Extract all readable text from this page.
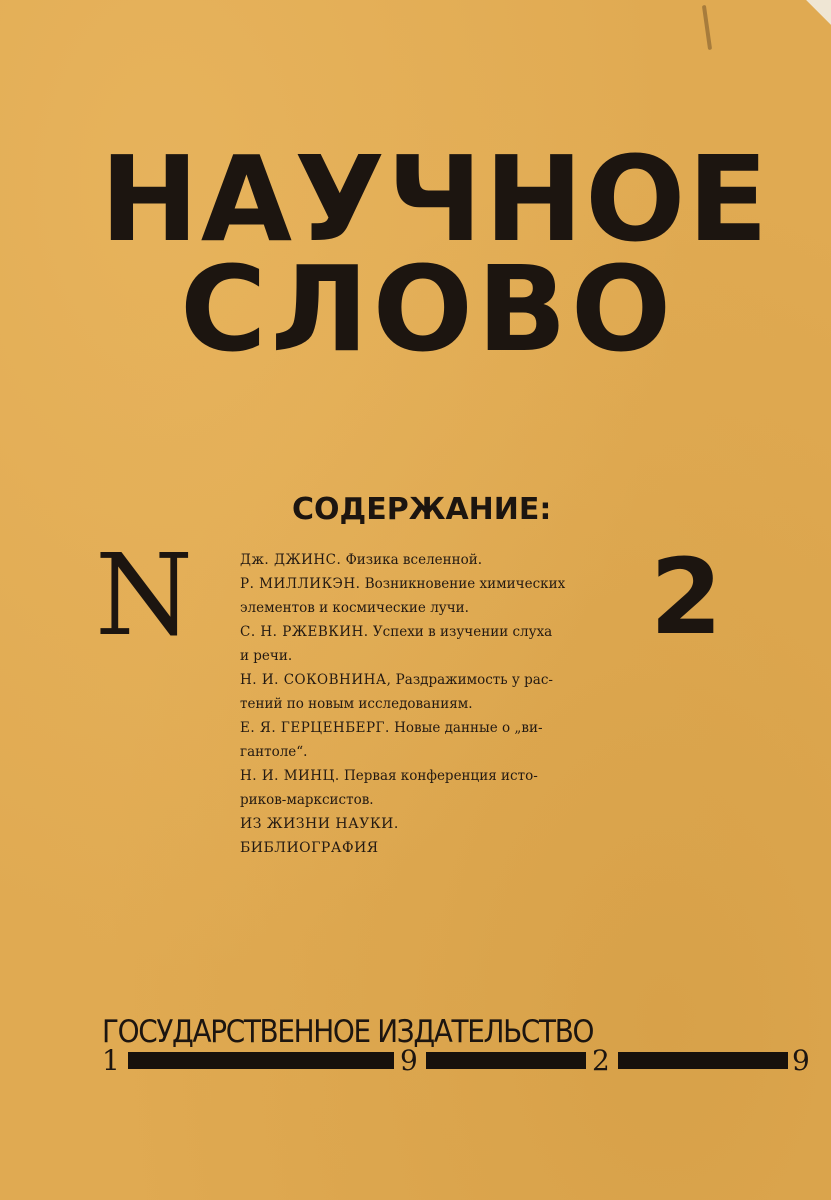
НАУЧНОЕ
СЛОВО
СОДЕРЖАНИЕ:
N	2
Дж. ДЖИНС. Физика вселенной.
Р. МИЛЛИКЭН. Возникновение химических
элементов и космические лучи.
С. Н. РЖЕВКИН. Успехи в изучении слуха
и речи.
Н. И. СОКОВНИНА, Раздражимость у рас-
тений по новым исследованиям.
Е. Я. ГЕРЦЕНБЕРГ. Новые данные о „ви-
гантоле“.
Н. И. МИНЦ. Первая конференция исто-
риков-марксистов.
ИЗ ЖИЗНИ НАУКИ.
БИБЛИОГРАФИЯ
ГОСУДАРСТВЕННОЕ ИЗДАТЕЛЬСТВО
1	9	2	9
